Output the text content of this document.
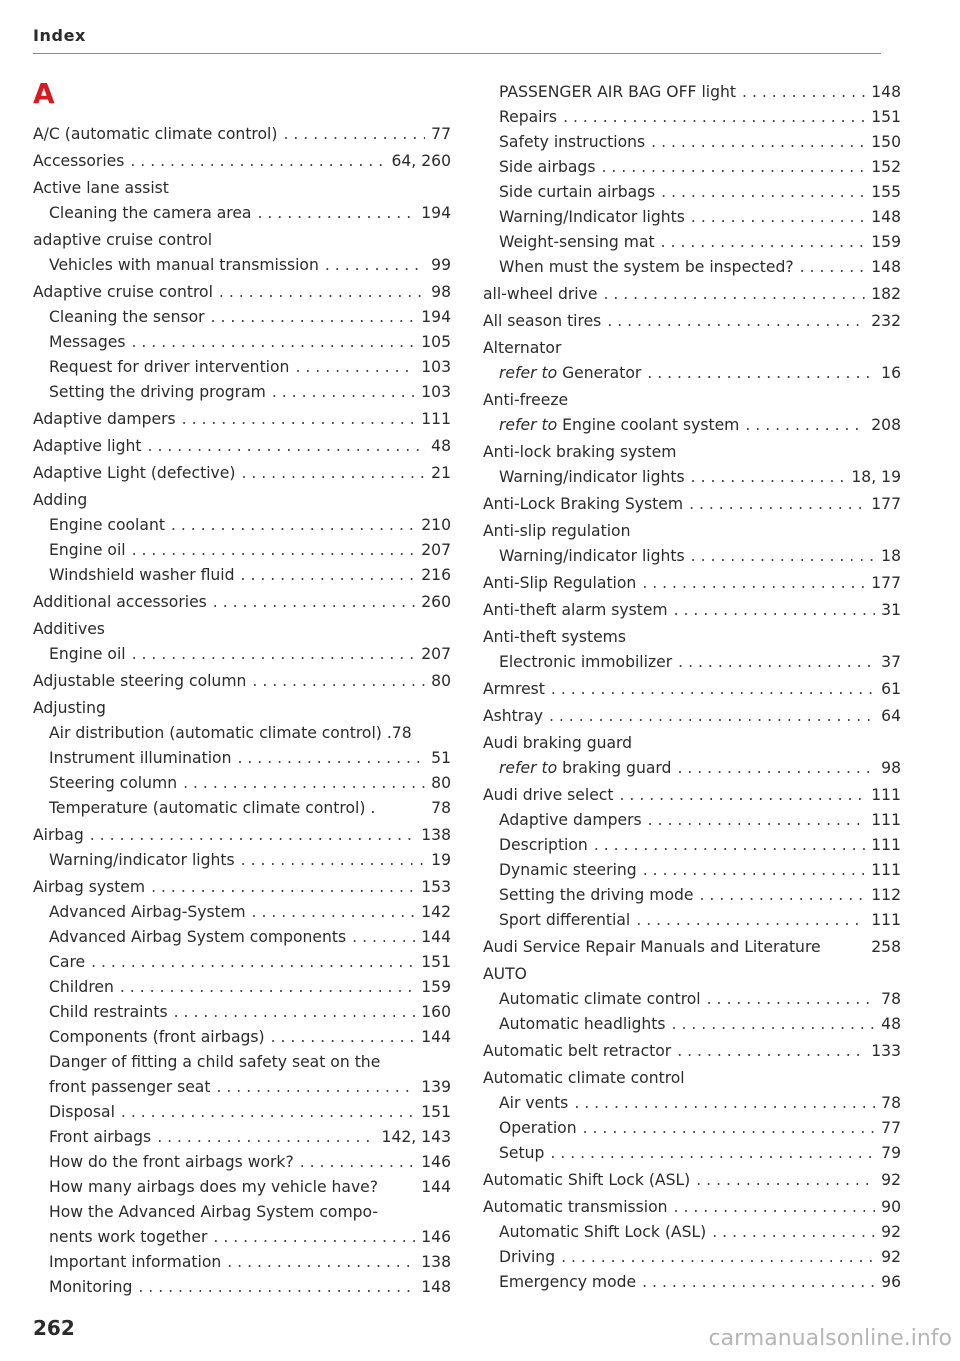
Index
A
A/C (automatic climate control) . . .	77
Accessories . . .	64, 260
Active lane assist
Cleaning the camera area . . .	194
adaptive cruise control
Vehicles with manual transmission . . .	99
Adaptive cruise control . . .	98
Cleaning the sensor . . .	194
Messages . . .	105
Request for driver intervention . . .	103
Setting the driving program . . .	103
Adaptive dampers . . .	111
Adaptive light . . .	48
Adaptive Light (defective) . . .	21
Adding
Engine coolant . . .	210
Engine oil . . .	207
Windshield washer fluid . . .	216
Additional accessories . . .	260
Additives
Engine oil . . .	207
Adjustable steering column . . .	80
Adjusting
Air distribution (automatic climate control) .78
Instrument illumination . . .	51
Steering column . . .	80
Temperature (automatic climate control) .	78
Airbag . . .	138
Warning/indicator lights . . .	19
Airbag system . . .	153
Advanced Airbag-System . . .	142
Advanced Airbag System components . . .	144
Care . . .	151
Children . . .	159
Child restraints . . .	160
Components (front airbags) . . .	144
Danger of fitting a child safety seat on the
front passenger seat . . .	139
Disposal . . .	151
Front airbags . . .	142, 143
How do the front airbags work? . . .	146
How many airbags does my vehicle have?	144
How the Advanced Airbag System compo-
nents work together . . .	146
Important information . . .	138
Monitoring . . .	148
PASSENGER AIR BAG OFF light . . .	148
Repairs . . .	151
Safety instructions . . .	150
Side airbags . . .	152
Side curtain airbags . . .	155
Warning/Indicator lights . . .	148
Weight-sensing mat . . .	159
When must the system be inspected? . . .	148
all-wheel drive . . .	182
All season tires . . .	232
Alternator
refer to Generator . . .	16
Anti-freeze
refer to Engine coolant system . . .	208
Anti-lock braking system
Warning/indicator lights . . .	18, 19
Anti-Lock Braking System . . .	177
Anti-slip regulation
Warning/indicator lights . . .	18
Anti-Slip Regulation . . .	177
Anti-theft alarm system . . .	31
Anti-theft systems
Electronic immobilizer . . .	37
Armrest . . .	61
Ashtray . . .	64
Audi braking guard
refer to braking guard . . .	98
Audi drive select . . .	111
Adaptive dampers . . .	111
Description . . .	111
Dynamic steering . . .	111
Setting the driving mode . . .	112
Sport differential . . .	111
Audi Service Repair Manuals and Literature	258
AUTO
Automatic climate control . . .	78
Automatic headlights . . .	48
Automatic belt retractor . . .	133
Automatic climate control
Air vents . . .	78
Operation . . .	77
Setup . . .	79
Automatic Shift Lock (ASL) . . .	92
Automatic transmission . . .	90
Automatic Shift Lock (ASL) . . .	92
Driving . . .	92
Emergency mode . . .	96
262	carmanualsonline.info
